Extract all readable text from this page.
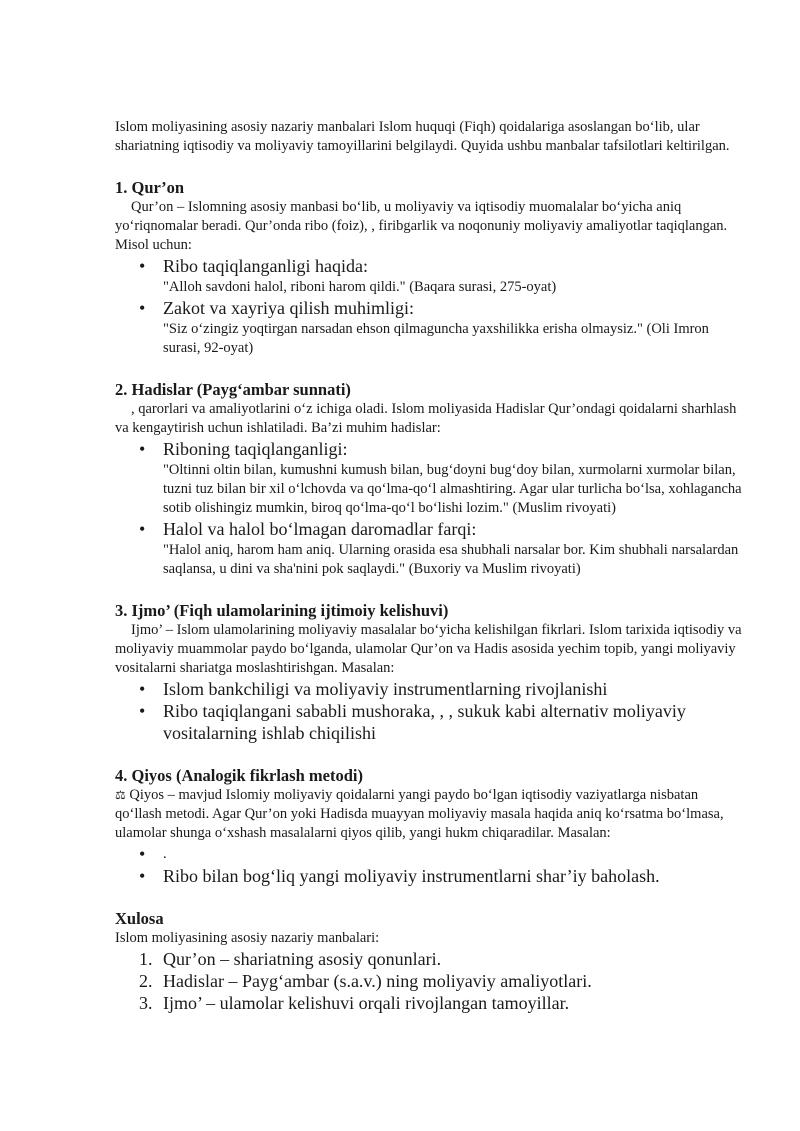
Islom moliyasining asosiy nazariy manbalari Islom huquqi (Fiqh) qoidalariga asoslangan bo‘lib, ular shariatning iqtisodiy va moliyaviy tamoyillarini belgilaydi. Quyida ushbu manbalar tafsilotlari keltirilgan.

1. Qur’on

Qur’on – Islomning asosiy manbasi bo‘lib, u moliyaviy va iqtisodiy muomalalar bo‘yicha aniq yo‘riqnomalar beradi. Qur’onda ribo (foiz), , firibgarlik va noqonuniy moliyaviy amaliyotlar taqiqlangan. Misol uchun:

• Ribo taqiqlanganligi haqida:
"Alloh savdoni halol, riboni harom qildi." (Baqara surasi, 275-oyat)
• Zakot va xayriya qilish muhimligi:
"Siz o‘zingiz yoqtirgan narsadan ehson qilmaguncha yaxshilikka erisha olmaysiz." (Oli Imron surasi, 92-oyat)
2. Hadislar (Payg‘ambar sunnati)

, qarorlari va amaliyotlarini o‘z ichiga oladi. Islom moliyasida Hadislar Qur’ondagi qoidalarni sharhlash va kengaytirish uchun ishlatiladi. Ba’zi muhim hadislar:

• Riboning taqiqlanganligi:
"Oltinni oltin bilan, kumushni kumush bilan, bug‘doyni bug‘doy bilan, xurmolarni xurmolar bilan, tuzni tuz bilan bir xil o‘lchovda va qo‘lma-qo‘l almashtiring. Agar ular turlicha bo‘lsa, xohlagancha sotib olishingiz mumkin, biroq qo‘lma-qo‘l bo‘lishi lozim." (Muslim rivoyati)
• Halol va halol bo‘lmagan daromadlar farqi:
"Halol aniq, harom ham aniq. Ularning orasida esa shubhali narsalar bor. Kim shubhali narsalardan saqlansa, u dini va sha'nini pok saqlaydi." (Buxoriy va Muslim rivoyati)
3. Ijmo’ (Fiqh ulamolarining ijtimoiy kelishuvi)

Ijmo’ – Islom ulamolarining moliyaviy masalalar bo‘yicha kelishilgan fikrlari. Islom tarixida iqtisodiy va moliyaviy muammolar paydo bo‘lganda, ulamolar Qur’on va Hadis asosida yechim topib, yangi moliyaviy vositalarni shariatga moslashtirishgan. Masalan:

• Islom bankchiligi va moliyaviy instrumentlarning rivojlanishi
• Ribo taqiqlangani sababli mushoraka, , , sukuk kabi alternativ moliyaviy vositalarning ishlab chiqilishi
4. Qiyos (Analogik fikrlash metodi)

⚖ Qiyos – mavjud Islomiy moliyaviy qoidalarni yangi paydo bo‘lgan iqtisodiy vaziyatlarga nisbatan qo‘llash metodi. Agar Qur’on yoki Hadisda muayyan moliyaviy masala haqida aniq ko‘rsatma bo‘lmasa, ulamolar shunga o‘xshash masalalarni qiyos qilib, yangi hukm chiqaradilar. Masalan:

• .
• Ribo bilan bog‘liq yangi moliyaviy instrumentlarni shar’iy baholash.
Xulosa

Islom moliyasining asosiy nazariy manbalari:

1. Qur’on – shariatning asosiy qonunlari.
2. Hadislar – Payg‘ambar (s.a.v.) ning moliyaviy amaliyotlari.
3. Ijmo’ – ulamolar kelishuvi orqali rivojlangan tamoyillar.
